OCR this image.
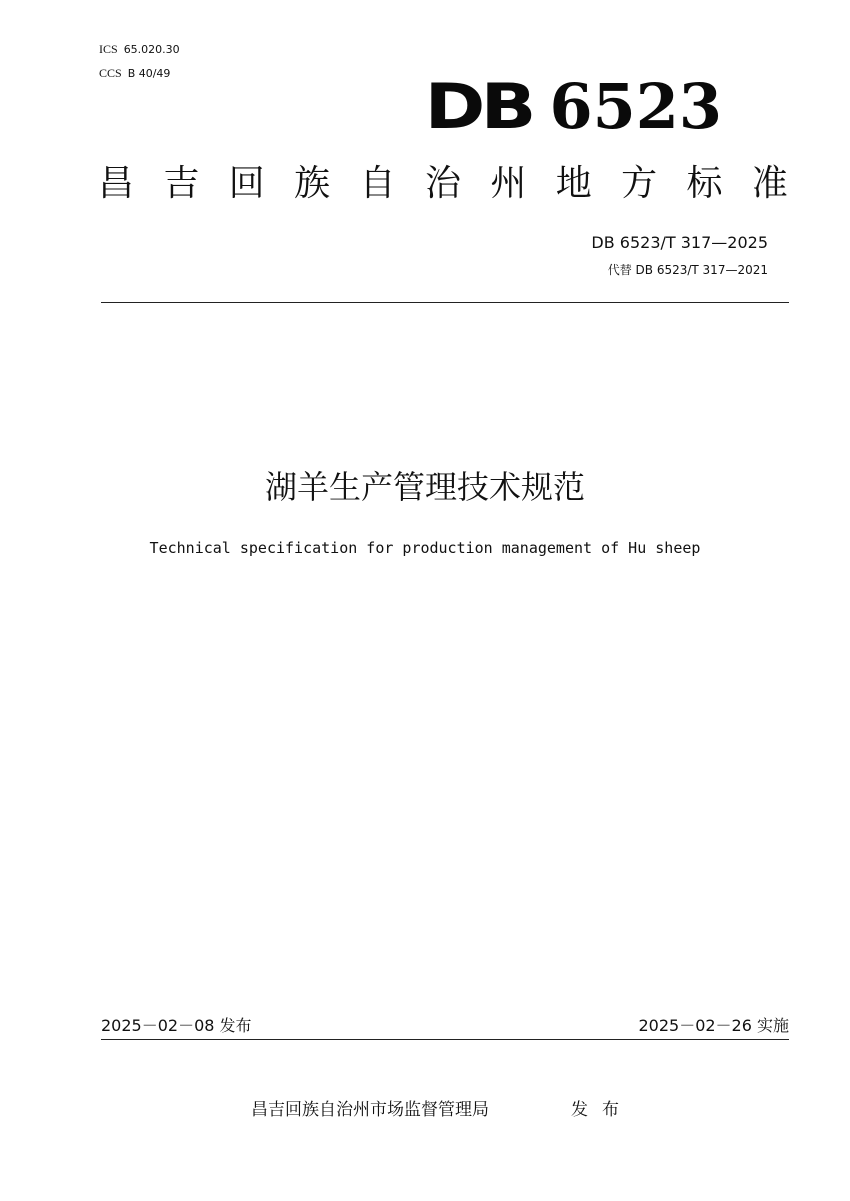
ICS 65.020.30
CCS B 40/49	DB 6523
昌 吉 回 族 自 治 州 地 方 标 准
DB 6523/T 317—2025
代替 DB 6523/T 317—2021
湖羊生产管理技术规范
Technical specification for production management of Hu sheep
2025－02－08 发布	2025－02－26 实施
昌吉回族自治州市场监督管理局	发布
